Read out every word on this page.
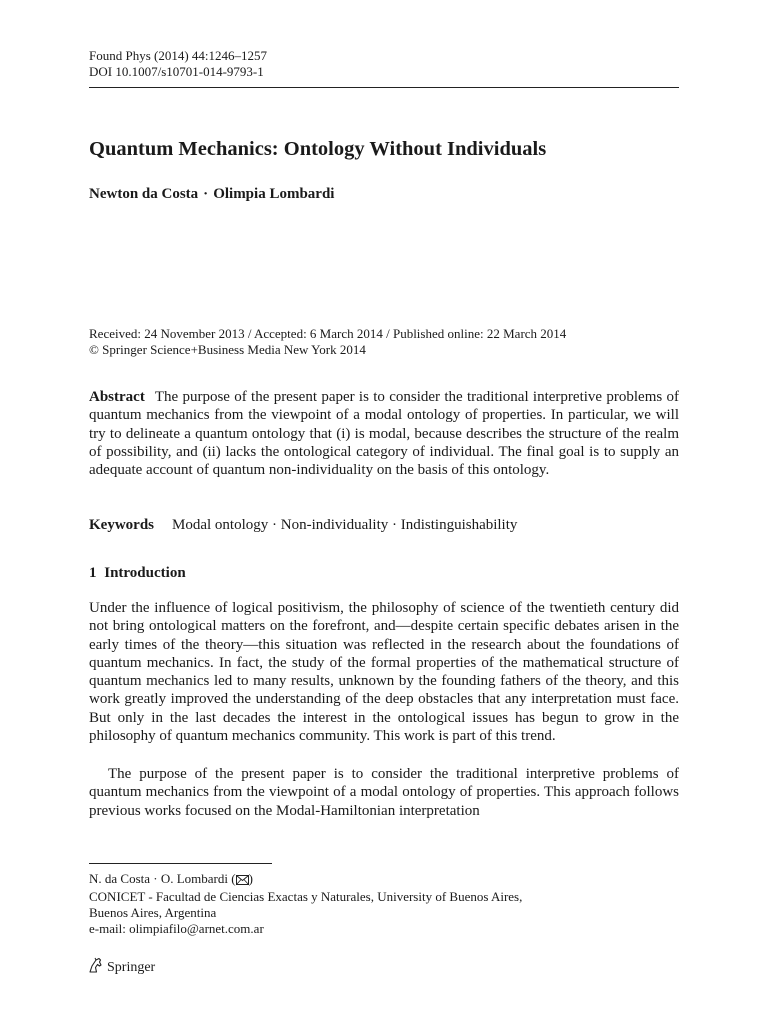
Found Phys (2014) 44:1246–1257
DOI 10.1007/s10701-014-9793-1
Quantum Mechanics: Ontology Without Individuals
Newton da Costa · Olimpia Lombardi
Received: 24 November 2013 / Accepted: 6 March 2014 / Published online: 22 March 2014
© Springer Science+Business Media New York 2014
Abstract The purpose of the present paper is to consider the traditional interpretive problems of quantum mechanics from the viewpoint of a modal ontology of properties. In particular, we will try to delineate a quantum ontology that (i) is modal, because describes the structure of the realm of possibility, and (ii) lacks the ontological category of individual. The final goal is to supply an adequate account of quantum non-individuality on the basis of this ontology.
Keywords Modal ontology · Non-individuality · Indistinguishability
1 Introduction
Under the influence of logical positivism, the philosophy of science of the twentieth century did not bring ontological matters on the forefront, and—despite certain specific debates arisen in the early times of the theory—this situation was reflected in the research about the foundations of quantum mechanics. In fact, the study of the formal properties of the mathematical structure of quantum mechanics led to many results, unknown by the founding fathers of the theory, and this work greatly improved the understanding of the deep obstacles that any interpretation must face. But only in the last decades the interest in the ontological issues has begun to grow in the philosophy of quantum mechanics community. This work is part of this trend.
The purpose of the present paper is to consider the traditional interpretive problems of quantum mechanics from the viewpoint of a modal ontology of properties. This approach follows previous works focused on the Modal-Hamiltonian interpretation
N. da Costa · O. Lombardi ( )
CONICET - Facultad de Ciencias Exactas y Naturales, University of Buenos Aires,
Buenos Aires, Argentina
e-mail: olimpiafilo@arnet.com.ar
Springer
